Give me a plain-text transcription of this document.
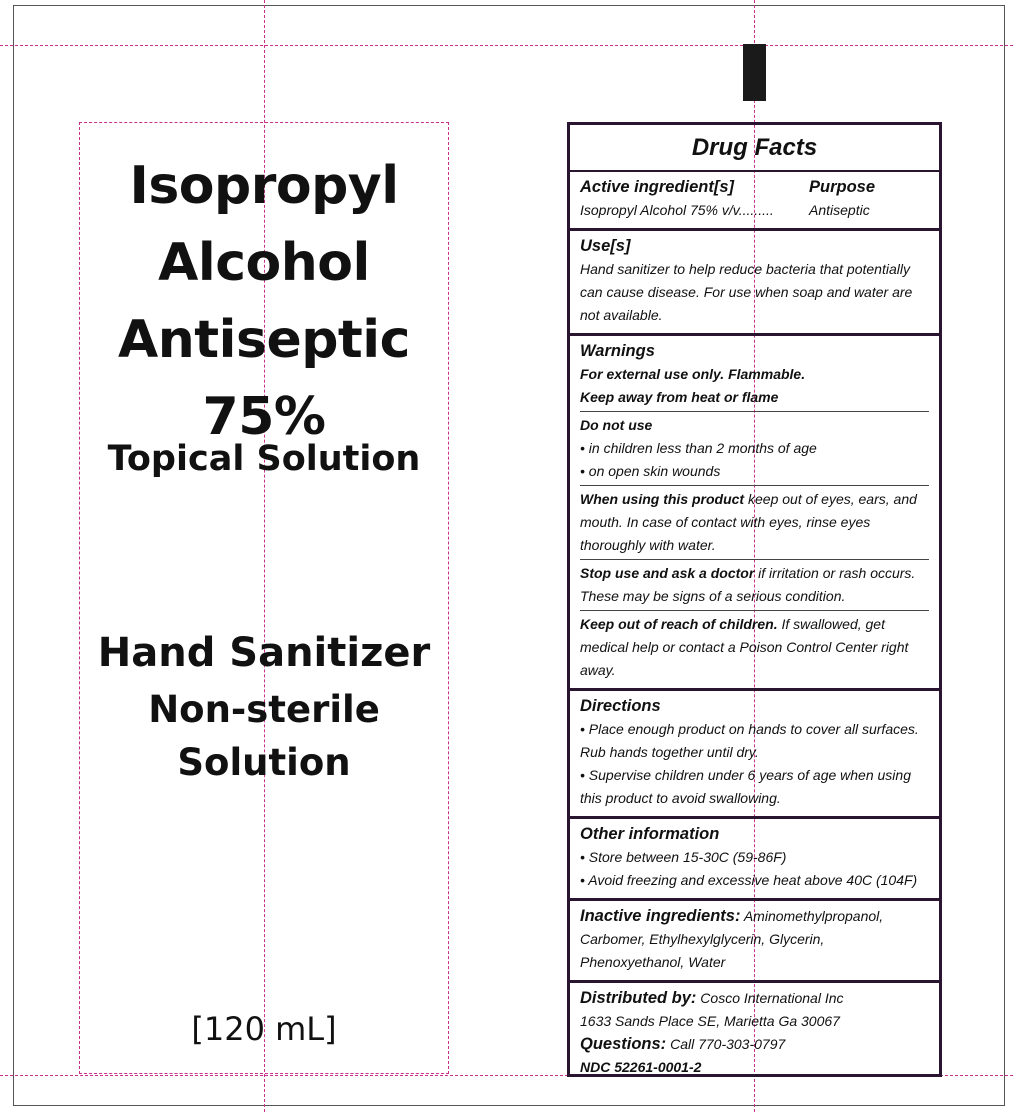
Isopropyl
Alcohol
Antiseptic
75%
Topical Solution
Hand Sanitizer
Non-sterile
Solution
[120 mL]
Drug Facts
Active ingredient[s]	Purpose
Isopropyl Alcohol 75% v/v.........	Antiseptic
Use[s]
Hand sanitizer to help reduce bacteria that potentially can cause disease. For use when soap and water are not available.
Warnings
For external use only. Flammable.
Keep away from heat or flame
Do not use
• in children less than 2 months of age
• on open skin wounds
When using this product keep out of eyes, ears, and mouth. In case of contact with eyes, rinse eyes thoroughly with water.
Stop use and ask a doctor if irritation or rash occurs. These may be signs of a serious condition.
Keep out of reach of children. If swallowed, get medical help or contact a Poison Control Center right away.
Directions
• Place enough product on hands to cover all surfaces. Rub hands together until dry.
• Supervise children under 6 years of age when using this product to avoid swallowing.
Other information
• Store between 15-30C (59-86F)
• Avoid freezing and excessive heat above 40C (104F)
Inactive ingredients: Aminomethylpropanol, Carbomer, Ethylhexylglycerin, Glycerin, Phenoxyethanol, Water
Distributed by: Cosco International Inc
1633 Sands Place SE, Marietta Ga 30067
Questions: Call 770-303-0797
NDC 52261-0001-2
